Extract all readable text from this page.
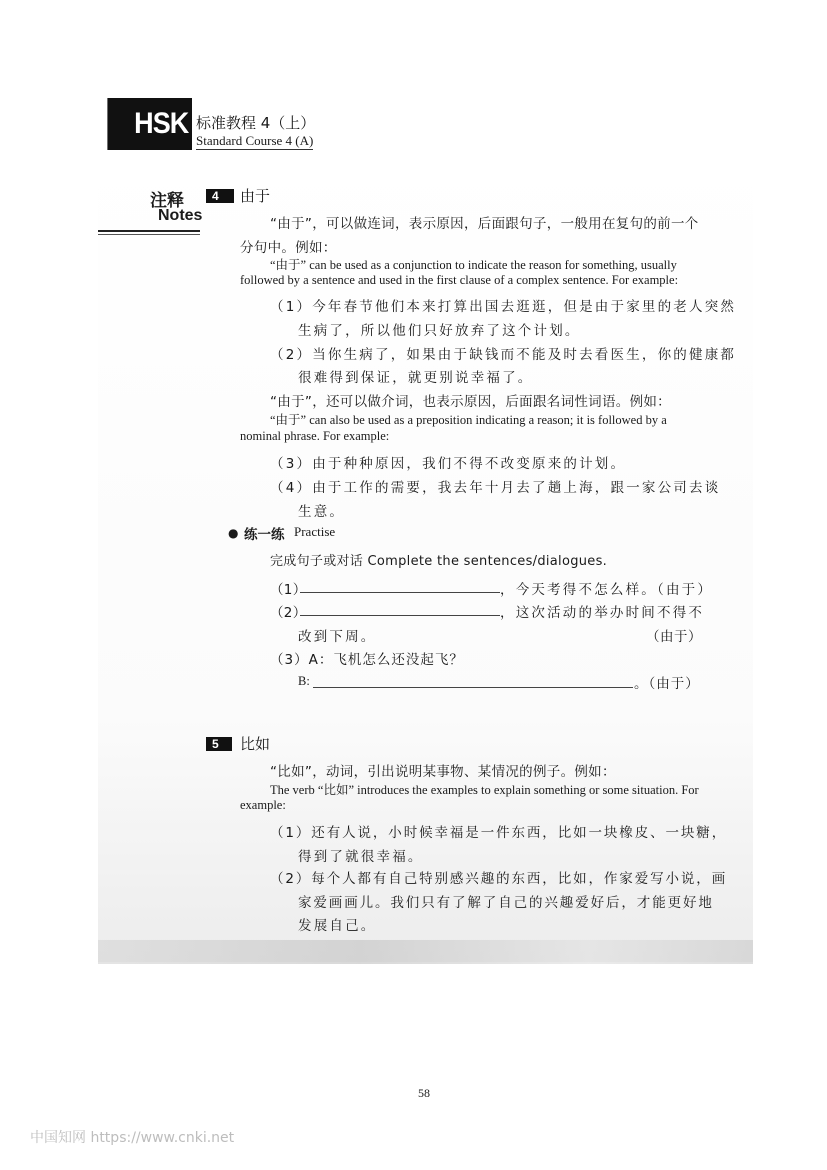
HSK 标准教程 4（上）
Standard Course 4 (A)
注释
Notes
4	由于
“由于”，可以做连词，表示原因，后面跟句子，一般用在复句的前一个
分句中。例如：
“由于” can be used as a conjunction to indicate the reason for something, usually
followed by a sentence and used in the first clause of a complex sentence. For example:
（1）今年春节他们本来打算出国去逛逛，但是由于家里的老人突然
生病了，所以他们只好放弃了这个计划。
（2）当你生病了，如果由于缺钱而不能及时去看医生，你的健康都
很难得到保证，就更别说幸福了。
“由于”，还可以做介词，也表示原因，后面跟名词性词语。例如：
“由于” can also be used as a preposition indicating a reason; it is followed by a
nominal phrase. For example:
（3）由于种种原因，我们不得不改变原来的计划。
（4）由于工作的需要，我去年十月去了趟上海，跟一家公司去谈
生意。
● 练一练 Practise
完成句子或对话 Complete the sentences/dialogues.
（1）	，今天考得不怎么样。（由于）
（2）	，这次活动的举办时间不得不
改到下周。	（由于）
（3）A：飞机怎么还没起飞？
B:	。（由于）
5	比如
“比如”，动词，引出说明某事物、某情况的例子。例如：
The verb “比如” introduces the examples to explain something or some situation. For
example:
（1）还有人说，小时候幸福是一件东西，比如一块橡皮、一块糖，
得到了就很幸福。
（2）每个人都有自己特别感兴趣的东西，比如，作家爱写小说，画
家爱画画儿。我们只有了解了自己的兴趣爱好后，才能更好地
发展自己。
58
中国知网 https://www.cnki.net
